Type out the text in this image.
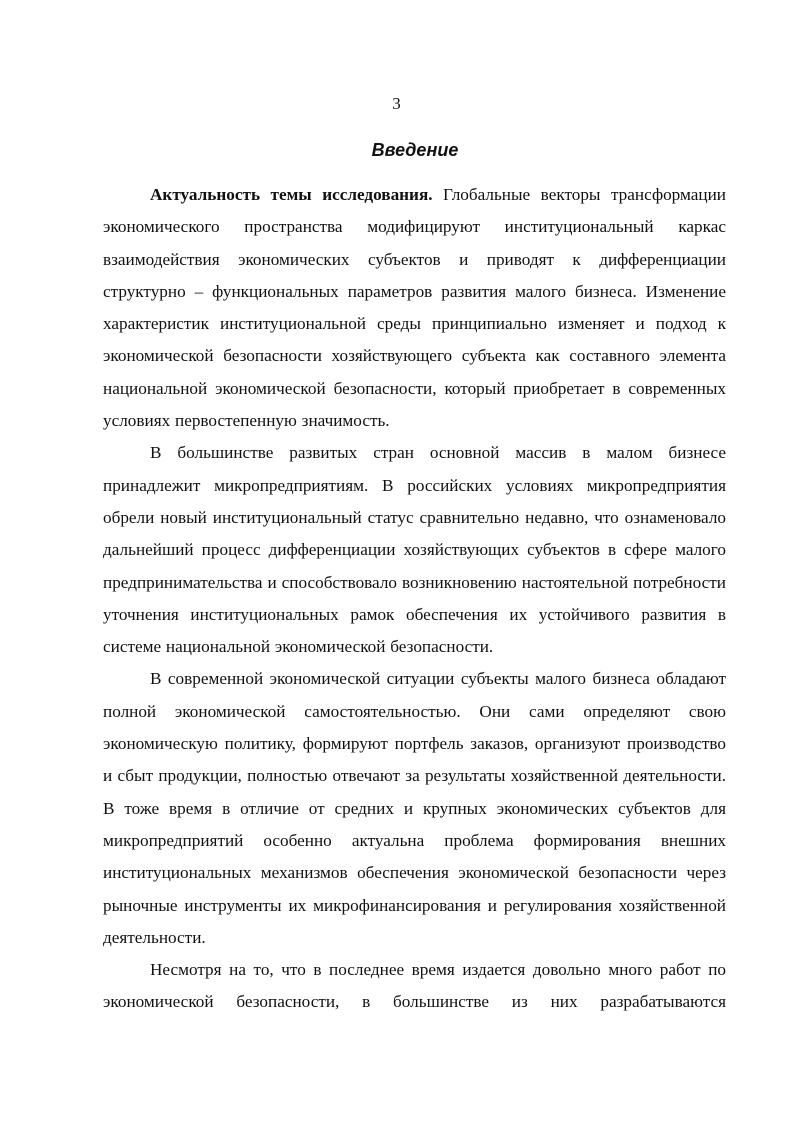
3
Введение

Актуальность темы исследования. Глобальные векторы трансформации экономического пространства модифицируют институциональный каркас взаимодействия экономических субъектов и приводят к дифференциации структурно – функциональных параметров развития малого бизнеса. Изменение характеристик институциональной среды принципиально изменяет и подход к экономической безопасности хозяйствующего субъекта как составного элемента национальной экономической безопасности, который приобретает в современных условиях первостепенную значимость.

В большинстве развитых стран основной массив в малом бизнесе принадлежит микропредприятиям. В российских условиях микропредприятия обрели новый институциональный статус сравнительно недавно, что ознаменовало дальнейший процесс дифференциации хозяйствующих субъектов в сфере малого предпринимательства и способствовало возникновению настоятельной потребности уточнения институциональных рамок обеспечения их устойчивого развития в системе национальной экономической безопасности.

В современной экономической ситуации субъекты малого бизнеса обладают полной экономической самостоятельностью. Они сами определяют свою экономическую политику, формируют портфель заказов, организуют производство и сбыт продукции, полностью отвечают за результаты хозяйственной деятельности. В тоже время в отличие от средних и крупных экономических субъектов для микропредприятий особенно актуальна проблема формирования внешних институциональных механизмов обеспечения экономической безопасности через рыночные инструменты их микрофинансирования и регулирования хозяйственной деятельности.

Несмотря на то, что в последнее время издается довольно много работ по экономической безопасности, в большинстве из них разрабатываются
